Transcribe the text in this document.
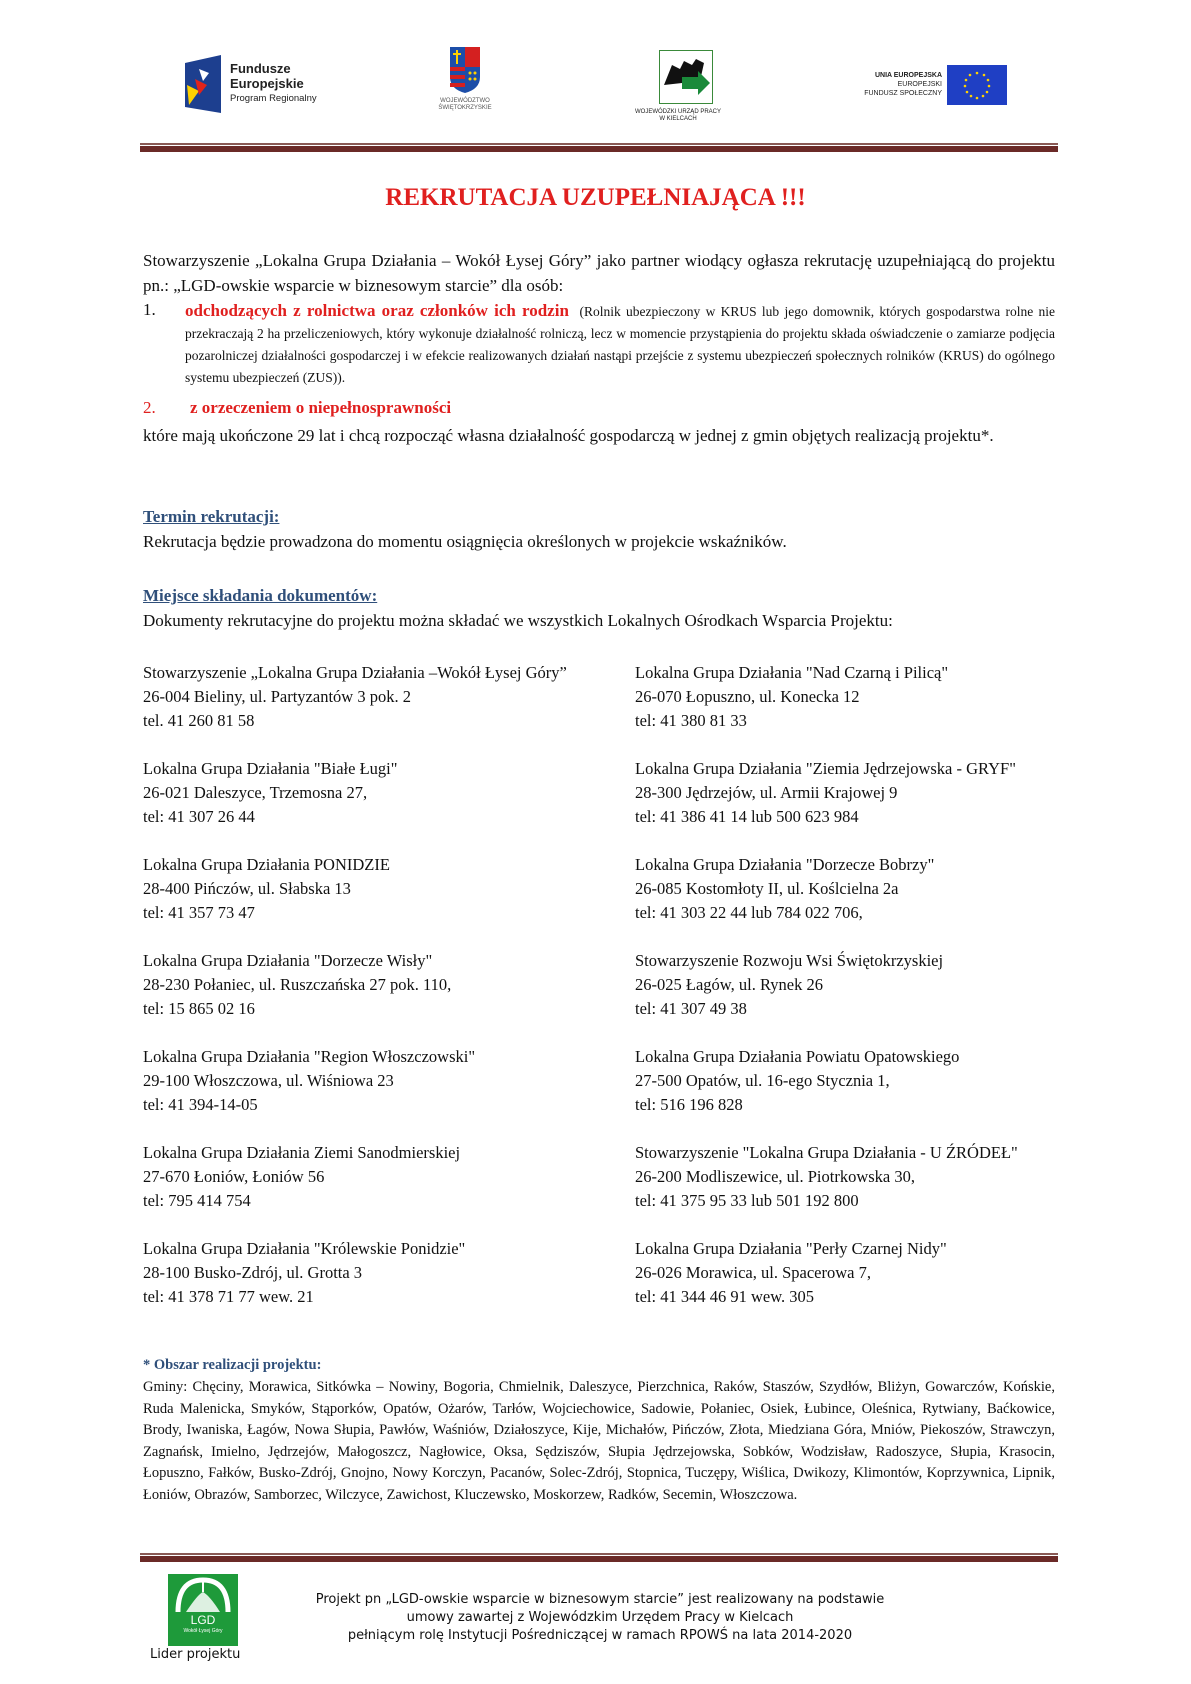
Fundusze
Europejskie
Program Regionalny	WOJEWÓDZTWO
ŚWIĘTOKRZYSKIE
WOJEWÓDZKI URZĄD PRACY
W KIELCACH
UNIA EUROPEJSKA
EUROPEJSKI
FUNDUSZ SPOŁECZNY
REKRUTACJA UZUPEŁNIAJĄCA !!!
Stowarzyszenie „Lokalna Grupa Działania – Wokół Łysej Góry” jako partner wiodący ogłasza rekrutację uzupełniającą do projektu pn.: „LGD-owskie wsparcie w biznesowym starcie” dla osób:
1. odchodzących z rolnictwa oraz członków ich rodzin (Rolnik ubezpieczony w KRUS lub jego domownik, których gospodarstwa rolne nie przekraczają 2 ha przeliczeniowych, który wykonuje działalność rolniczą, lecz w momencie przystąpienia do projektu składa oświadczenie o zamiarze podjęcia pozarolniczej działalności gospodarczej i w efekcie realizowanych działań nastąpi przejście z systemu ubezpieczeń społecznych rolników (KRUS) do ogólnego systemu ubezpieczeń (ZUS)).
2. z orzeczeniem o niepełnosprawności
które mają ukończone 29 lat i chcą rozpocząć własna działalność gospodarczą w jednej z gmin objętych realizacją projektu*.
Termin rekrutacji:
Rekrutacja będzie prowadzona do momentu osiągnięcia określonych w projekcie wskaźników.
Miejsce składania dokumentów:
Dokumenty rekrutacyjne do projektu można składać we wszystkich Lokalnych Ośrodkach Wsparcia Projektu:
Stowarzyszenie „Lokalna Grupa Działania –Wokół Łysej Góry”
26-004 Bieliny, ul. Partyzantów 3 pok. 2
tel. 41 260 81 58
Lokalna Grupa Działania "Białe Ługi"
26-021 Daleszyce, Trzemosna 27,
tel: 41 307 26 44
Lokalna Grupa Działania PONIDZIE
28-400 Pińczów, ul. Słabska 13
tel: 41 357 73 47
Lokalna Grupa Działania "Dorzecze Wisły"
28-230 Połaniec, ul. Ruszczańska 27 pok. 110,
tel: 15 865 02 16
Lokalna Grupa Działania "Region Włoszczowski"
29-100 Włoszczowa, ul. Wiśniowa 23
tel: 41 394-14-05
Lokalna Grupa Działania Ziemi Sanodmierskiej
27-670 Łoniów, Łoniów 56
tel: 795 414 754
Lokalna Grupa Działania "Królewskie Ponidzie"
28-100 Busko-Zdrój, ul. Grotta 3
tel: 41 378 71 77 wew. 21
Lokalna Grupa Działania "Nad Czarną i Pilicą"
26-070 Łopuszno, ul. Konecka 12
tel: 41 380 81 33
Lokalna Grupa Działania "Ziemia Jędrzejowska - GRYF"
28-300 Jędrzejów, ul. Armii Krajowej 9
tel: 41 386 41 14 lub 500 623 984
Lokalna Grupa Działania "Dorzecze Bobrzy"
26-085 Kostomłoty II, ul. Koślcielna 2a
tel: 41 303 22 44 lub 784 022 706,
Stowarzyszenie Rozwoju Wsi Świętokrzyskiej
26-025 Łagów, ul. Rynek 26
tel: 41 307 49 38
Lokalna Grupa Działania Powiatu Opatowskiego
27-500 Opatów, ul. 16-ego Stycznia 1,
tel: 516 196 828
Stowarzyszenie "Lokalna Grupa Działania - U ŹRÓDEŁ"
26-200 Modliszewice, ul. Piotrkowska 30,
tel: 41 375 95 33 lub 501 192 800
Lokalna Grupa Działania "Perły Czarnej Nidy"
26-026 Morawica, ul. Spacerowa 7,
tel: 41 344 46 91 wew. 305
* Obszar realizacji projektu:
Gminy: Chęciny, Morawica, Sitkówka – Nowiny, Bogoria, Chmielnik, Daleszyce, Pierzchnica, Raków, Staszów, Szydłów, Bliżyn, Gowarczów, Końskie, Ruda Malenicka, Smyków, Stąporków, Opatów, Ożarów, Tarłów, Wojciechowice, Sadowie, Połaniec, Osiek, Łubince, Oleśnica, Rytwiany, Baćkowice, Brody, Iwaniska, Łagów, Nowa Słupia, Pawłów, Waśniów, Działoszyce, Kije, Michałów, Pińczów, Złota, Miedziana Góra, Mniów, Piekoszów, Strawczyn, Zagnańsk, Imielno, Jędrzejów, Małogoszcz, Nagłowice, Oksa, Sędziszów, Słupia Jędrzejowska, Sobków, Wodzisław, Radoszyce, Słupia, Krasocin, Łopuszno, Fałków, Busko-Zdrój, Gnojno, Nowy Korczyn, Pacanów, Solec-Zdrój, Stopnica, Tuczępy, Wiślica, Dwikozy, Klimontów, Koprzywnica, Lipnik, Łoniów, Obrazów, Samborzec, Wilczyce, Zawichost, Kluczewsko, Moskorzew, Radków, Secemin, Włoszczowa.
LGD
Wokół Łysej Góry
Lider projektu
Projekt pn „LGD-owskie wsparcie w biznesowym starcie” jest realizowany na podstawie
umowy zawartej z Wojewódzkim Urzędem Pracy w Kielcach
pełniącym rolę Instytucji Pośredniczącej w ramach RPOWŚ na lata 2014-2020
